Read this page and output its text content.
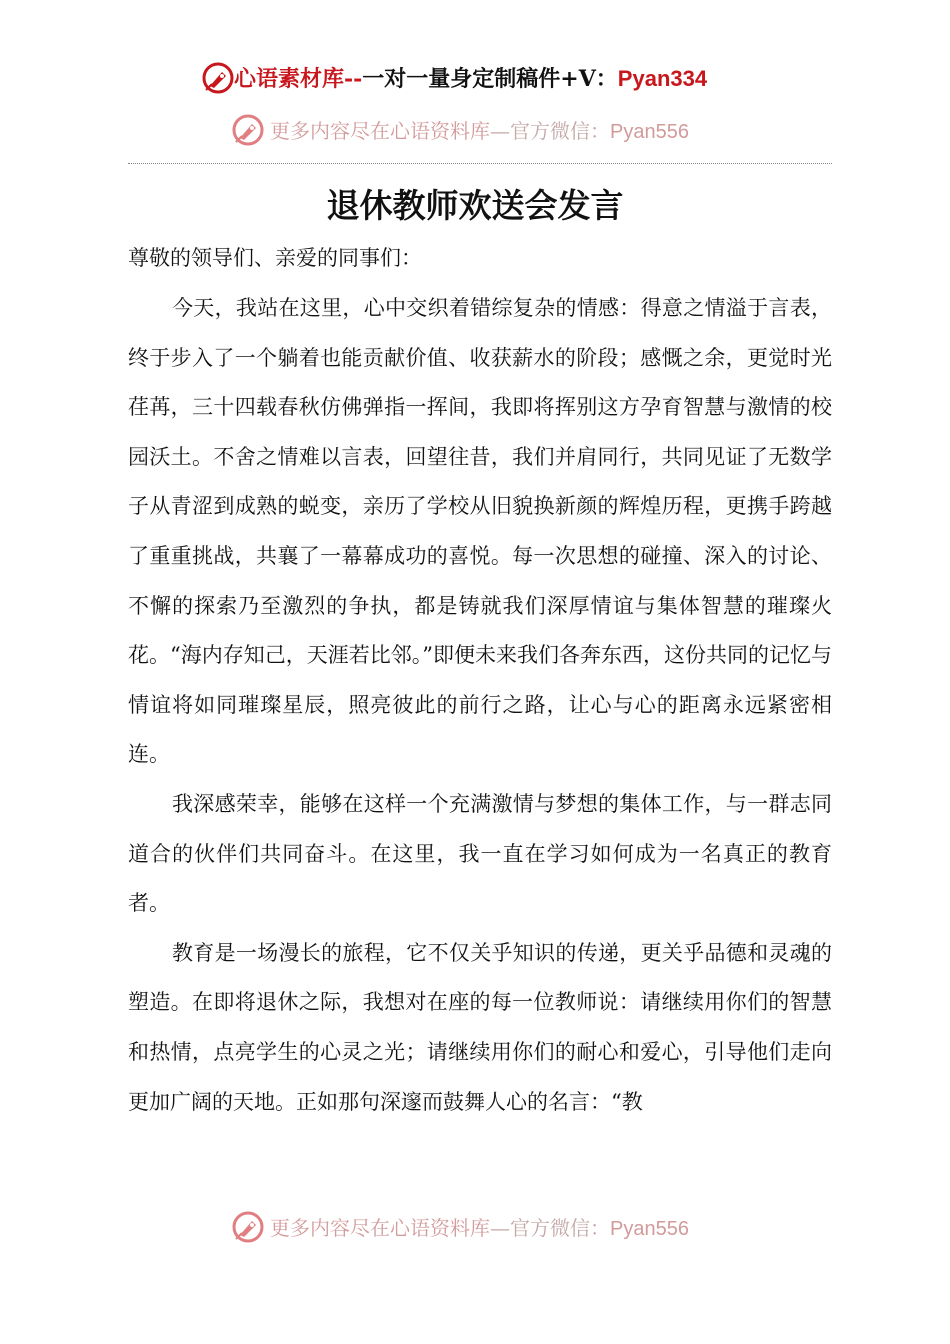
心语素材库--一对一量身定制稿件+V：Pyan334
更多内容尽在心语资料库—官方微信：Pyan556
退休教师欢送会发言
尊敬的领导们、亲爱的同事们：

今天，我站在这里，心中交织着错综复杂的情感：得意之情溢于言表，终于步入了一个躺着也能贡献价值、收获薪水的阶段；感慨之余，更觉时光荏苒，三十四载春秋仿佛弹指一挥间，我即将挥别这方孕育智慧与激情的校园沃土。不舍之情难以言表，回望往昔，我们并肩同行，共同见证了无数学子从青涩到成熟的蜕变，亲历了学校从旧貌换新颜的辉煌历程，更携手跨越了重重挑战，共襄了一幕幕成功的喜悦。每一次思想的碰撞、深入的讨论、不懈的探索乃至激烈的争执，都是铸就我们深厚情谊与集体智慧的璀璨火花。“海内存知己，天涯若比邻。”即便未来我们各奔东西，这份共同的记忆与情谊将如同璀璨星辰，照亮彼此的前行之路，让心与心的距离永远紧密相连。

我深感荣幸，能够在这样一个充满激情与梦想的集体工作，与一群志同道合的伙伴们共同奋斗。在这里，我一直在学习如何成为一名真正的教育者。

教育是一场漫长的旅程，它不仅关乎知识的传递，更关乎品德和灵魂的塑造。在即将退休之际，我想对在座的每一位教师说：请继续用你们的智慧和热情，点亮学生的心灵之光；请继续用你们的耐心和爱心，引导他们走向更加广阔的天地。正如那句深邃而鼓舞人心的名言：“教

更多内容尽在心语资料库—官方微信：Pyan556
